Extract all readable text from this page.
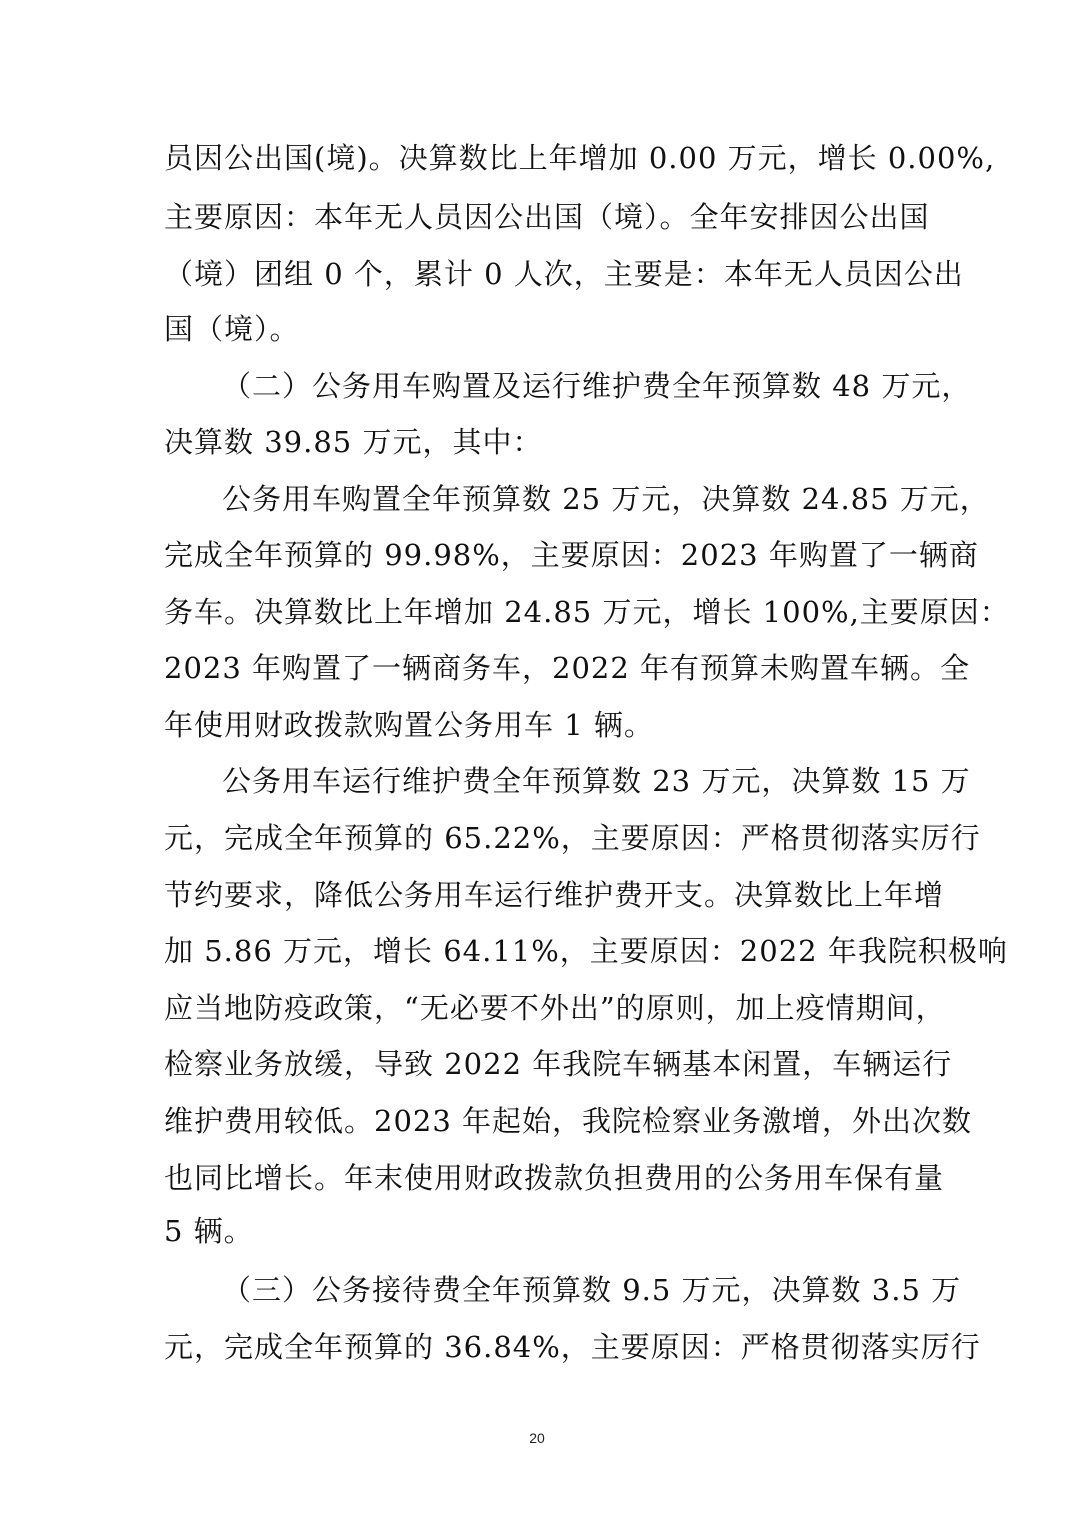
员因公出国(境)。决算数比上年增加 0.00 万元，增长 0.00%,
主要原因：本年无人员因公出国（境）。全年安排因公出国
（境）团组 0 个，累计 0 人次，主要是：本年无人员因公出
国（境）。
（二）公务用车购置及运行维护费全年预算数 48 万元，
决算数 39.85 万元，其中：
公务用车购置全年预算数 25 万元，决算数 24.85 万元，
完成全年预算的 99.98%，主要原因：2023 年购置了一辆商
务车。决算数比上年增加 24.85 万元，增长 100%,主要原因：
2023 年购置了一辆商务车，2022 年有预算未购置车辆。全
年使用财政拨款购置公务用车 1 辆。
公务用车运行维护费全年预算数 23 万元，决算数 15 万
元，完成全年预算的 65.22%，主要原因：严格贯彻落实厉行
节约要求，降低公务用车运行维护费开支。决算数比上年增
加 5.86 万元，增长 64.11%，主要原因：2022 年我院积极响
应当地防疫政策，“无必要不外出”的原则，加上疫情期间，
检察业务放缓，导致 2022 年我院车辆基本闲置，车辆运行
维护费用较低。2023 年起始，我院检察业务激增，外出次数
也同比增长。年末使用财政拨款负担费用的公务用车保有量
5 辆。
（三）公务接待费全年预算数 9.5 万元，决算数 3.5 万
元，完成全年预算的 36.84%，主要原因：严格贯彻落实厉行
20
